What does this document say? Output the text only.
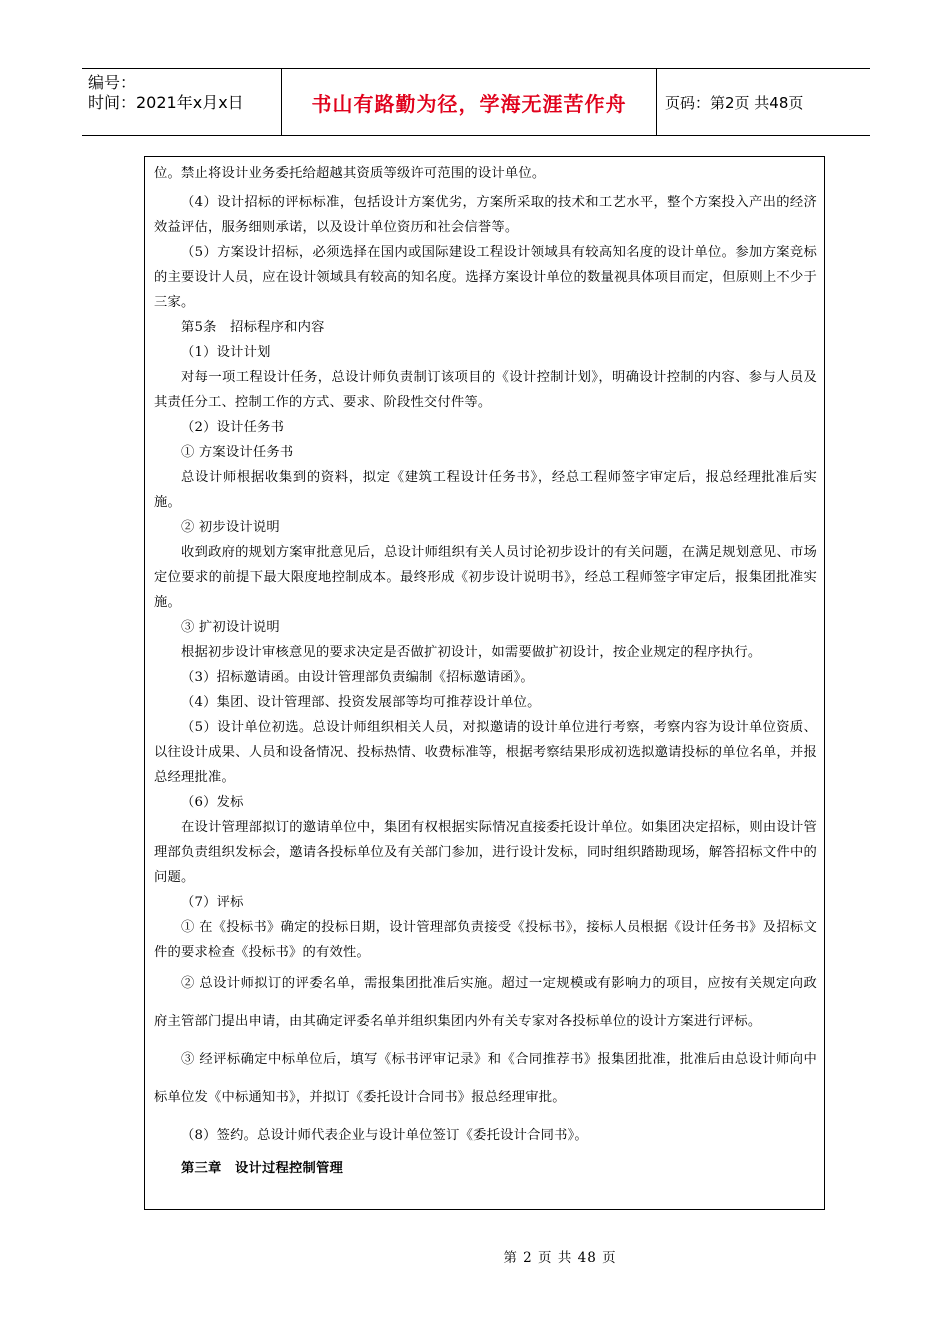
编号：
时间：2021年x月x日	书山有路勤为径，学海无涯苦作舟	页码：第2页 共48页

位。禁止将设计业务委托给超越其资质等级许可范围的设计单位。

（4）设计招标的评标标准，包括设计方案优劣，方案所采取的技术和工艺水平，整个方案投入产出的经济效益评估，服务细则承诺，以及设计单位资历和社会信誉等。

（5）方案设计招标，必须选择在国内或国际建设工程设计领域具有较高知名度的设计单位。参加方案竞标的主要设计人员，应在设计领域具有较高的知名度。选择方案设计单位的数量视具体项目而定，但原则上不少于三家。

第5条　招标程序和内容

（1）设计计划

对每一项工程设计任务，总设计师负责制订该项目的《设计控制计划》，明确设计控制的内容、参与人员及其责任分工、控制工作的方式、要求、阶段性交付件等。

（2）设计任务书

① 方案设计任务书

总设计师根据收集到的资料，拟定《建筑工程设计任务书》，经总工程师签字审定后，报总经理批准后实施。

② 初步设计说明

收到政府的规划方案审批意见后，总设计师组织有关人员讨论初步设计的有关问题，在满足规划意见、市场定位要求的前提下最大限度地控制成本。最终形成《初步设计说明书》，经总工程师签字审定后，报集团批准实施。

③ 扩初设计说明

根据初步设计审核意见的要求决定是否做扩初设计，如需要做扩初设计，按企业规定的程序执行。

（3）招标邀请函。由设计管理部负责编制《招标邀请函》。

（4）集团、设计管理部、投资发展部等均可推荐设计单位。

（5）设计单位初选。总设计师组织相关人员，对拟邀请的设计单位进行考察，考察内容为设计单位资质、以往设计成果、人员和设备情况、投标热情、收费标准等，根据考察结果形成初选拟邀请投标的单位名单，并报总经理批准。

（6）发标

在设计管理部拟订的邀请单位中，集团有权根据实际情况直接委托设计单位。如集团决定招标，则由设计管理部负责组织发标会，邀请各投标单位及有关部门参加，进行设计发标，同时组织踏勘现场，解答招标文件中的问题。

（7）评标

① 在《投标书》确定的投标日期，设计管理部负责接受《投标书》，接标人员根据《设计任务书》及招标文件的要求检查《投标书》的有效性。

② 总设计师拟订的评委名单，需报集团批准后实施。超过一定规模或有影响力的项目，应按有关规定向政府主管部门提出申请，由其确定评委名单并组织集团内外有关专家对各投标单位的设计方案进行评标。

③ 经评标确定中标单位后，填写《标书评审记录》和《合同推荐书》报集团批准，批准后由总设计师向中标单位发《中标通知书》，并拟订《委托设计合同书》报总经理审批。

（8）签约。总设计师代表企业与设计单位签订《委托设计合同书》。

第三章　设计过程控制管理

第 2 页 共 48 页
